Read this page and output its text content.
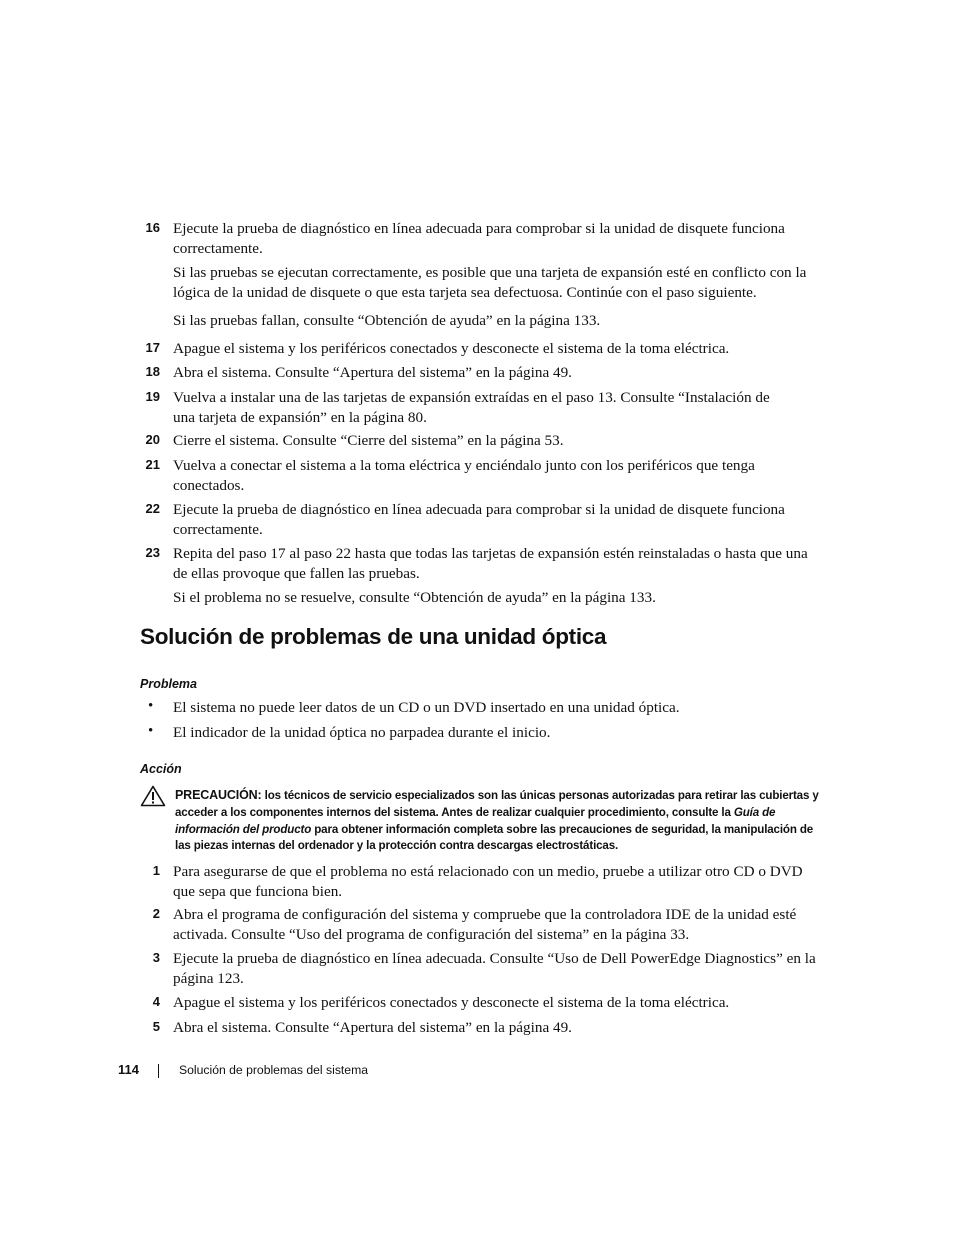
16 Ejecute la prueba de diagnóstico en línea adecuada para comprobar si la unidad de disquete funciona correctamente.
Si las pruebas se ejecutan correctamente, es posible que una tarjeta de expansión esté en conflicto con la lógica de la unidad de disquete o que esta tarjeta sea defectuosa. Continúe con el paso siguiente.
Si las pruebas fallan, consulte “Obtención de ayuda” en la página 133.
17 Apague el sistema y los periféricos conectados y desconecte el sistema de la toma eléctrica.
18 Abra el sistema. Consulte “Apertura del sistema” en la página 49.
19 Vuelva a instalar una de las tarjetas de expansión extraídas en el paso 13. Consulte “Instalación de una tarjeta de expansión” en la página 80.
20 Cierre el sistema. Consulte “Cierre del sistema” en la página 53.
21 Vuelva a conectar el sistema a la toma eléctrica y enciéndalo junto con los periféricos que tenga conectados.
22 Ejecute la prueba de diagnóstico en línea adecuada para comprobar si la unidad de disquete funciona correctamente.
23 Repita del paso 17 al paso 22 hasta que todas las tarjetas de expansión estén reinstaladas o hasta que una de ellas provoque que fallen las pruebas.
Si el problema no se resuelve, consulte “Obtención de ayuda” en la página 133.
Solución de problemas de una unidad óptica
Problema
• El sistema no puede leer datos de un CD o un DVD insertado en una unidad óptica.
• El indicador de la unidad óptica no parpadea durante el inicio.
Acción
PRECAUCIÓN: los técnicos de servicio especializados son las únicas personas autorizadas para retirar las cubiertas y acceder a los componentes internos del sistema. Antes de realizar cualquier procedimiento, consulte la Guía de información del producto para obtener información completa sobre las precauciones de seguridad, la manipulación de las piezas internas del ordenador y la protección contra descargas electrostáticas.
1 Para asegurarse de que el problema no está relacionado con un medio, pruebe a utilizar otro CD o DVD que sepa que funciona bien.
2 Abra el programa de configuración del sistema y compruebe que la controladora IDE de la unidad esté activada. Consulte “Uso del programa de configuración del sistema” en la página 33.
3 Ejecute la prueba de diagnóstico en línea adecuada. Consulte “Uso de Dell PowerEdge Diagnostics” en la página 123.
4 Apague el sistema y los periféricos conectados y desconecte el sistema de la toma eléctrica.
5 Abra el sistema. Consulte “Apertura del sistema” en la página 49.
114	Solución de problemas del sistema
